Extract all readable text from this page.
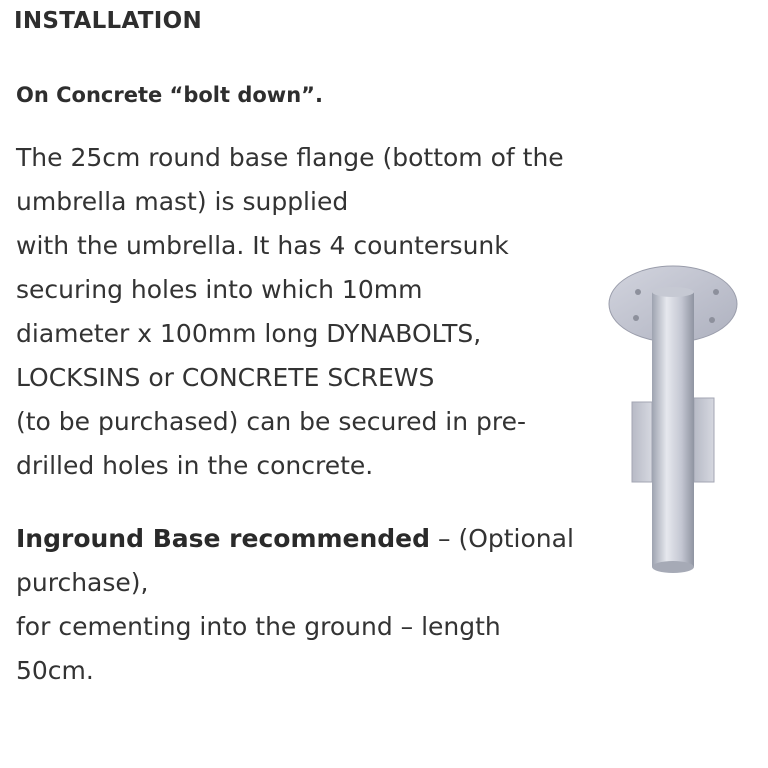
INSTALLATION
On Concrete “bolt down”.
The 25cm round base flange (bottom of the
umbrella mast) is supplied
with the umbrella. It has 4 countersunk
securing holes into which 10mm
diameter x 100mm long DYNABOLTS,
LOCKSINS or CONCRETE SCREWS
(to be purchased) can be secured in pre-
drilled holes in the concrete.
Inground Base recommended – (Optional
purchase),
for cementing into the ground – length
50cm.
